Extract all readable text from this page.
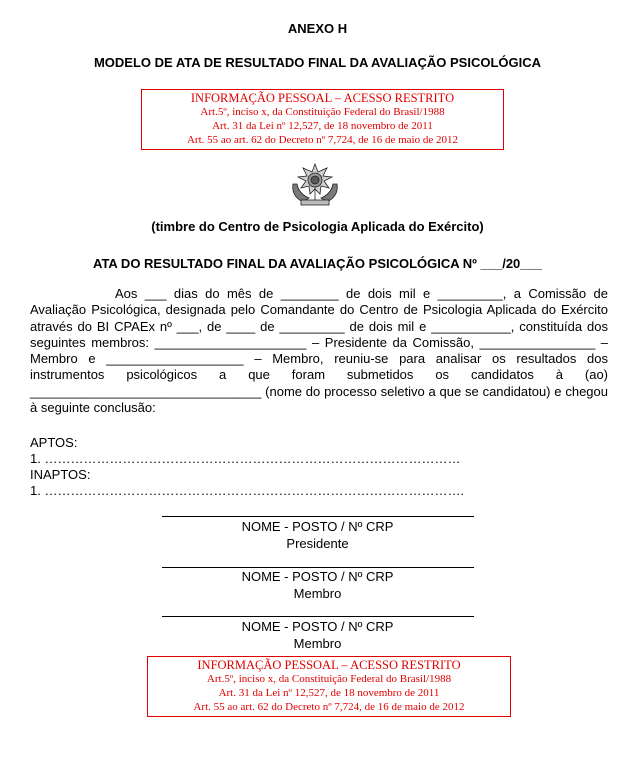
ANEXO H
MODELO DE ATA DE RESULTADO FINAL DA AVALIAÇÃO PSICOLÓGICA
INFORMAÇÃO PESSOAL – ACESSO RESTRITO
Art.5º, inciso x, da Constituição Federal do Brasil/1988
Art. 31 da Lei nº 12,527, de 18 novembro de 2011
Art. 55 ao art. 62 do Decreto nº 7,724, de 16 de maio de 2012
(timbre do Centro de Psicologia Aplicada do Exército)
ATA DO RESULTADO FINAL DA AVALIAÇÃO PSICOLÓGICA Nº ___/20___

Aos ___ dias do mês de ________ de dois mil e _________, a Comissão de Avaliação Psicológica, designada pelo Comandante do Centro de Psicologia Aplicada do Exército através do BI CPAEx nº ___, de ____ de _________ de dois mil e ___________, constituída dos seguintes membros: _____________________ – Presidente da Comissão, ________________ – Membro e ___________________ – Membro, reuniu-se para analisar os resultados dos instrumentos psicológicos a que foram submetidos os candidatos à (ao) ________________________________ (nome do processo seletivo a que se candidatou) e chegou à seguinte conclusão:

APTOS:
1. ……………………………………………………………………………………
INAPTOS:
1. …………………………………………………………………………………….
NOME - POSTO / Nº CRP
Presidente
NOME - POSTO / Nº CRP
Membro
NOME - POSTO / Nº CRP
Membro
INFORMAÇÃO PESSOAL – ACESSO RESTRITO
Art.5º, inciso x, da Constituição Federal do Brasil/1988
Art. 31 da Lei nº 12,527, de 18 novembro de 2011
Art. 55 ao art. 62 do Decreto nº 7,724, de 16 de maio de 2012
